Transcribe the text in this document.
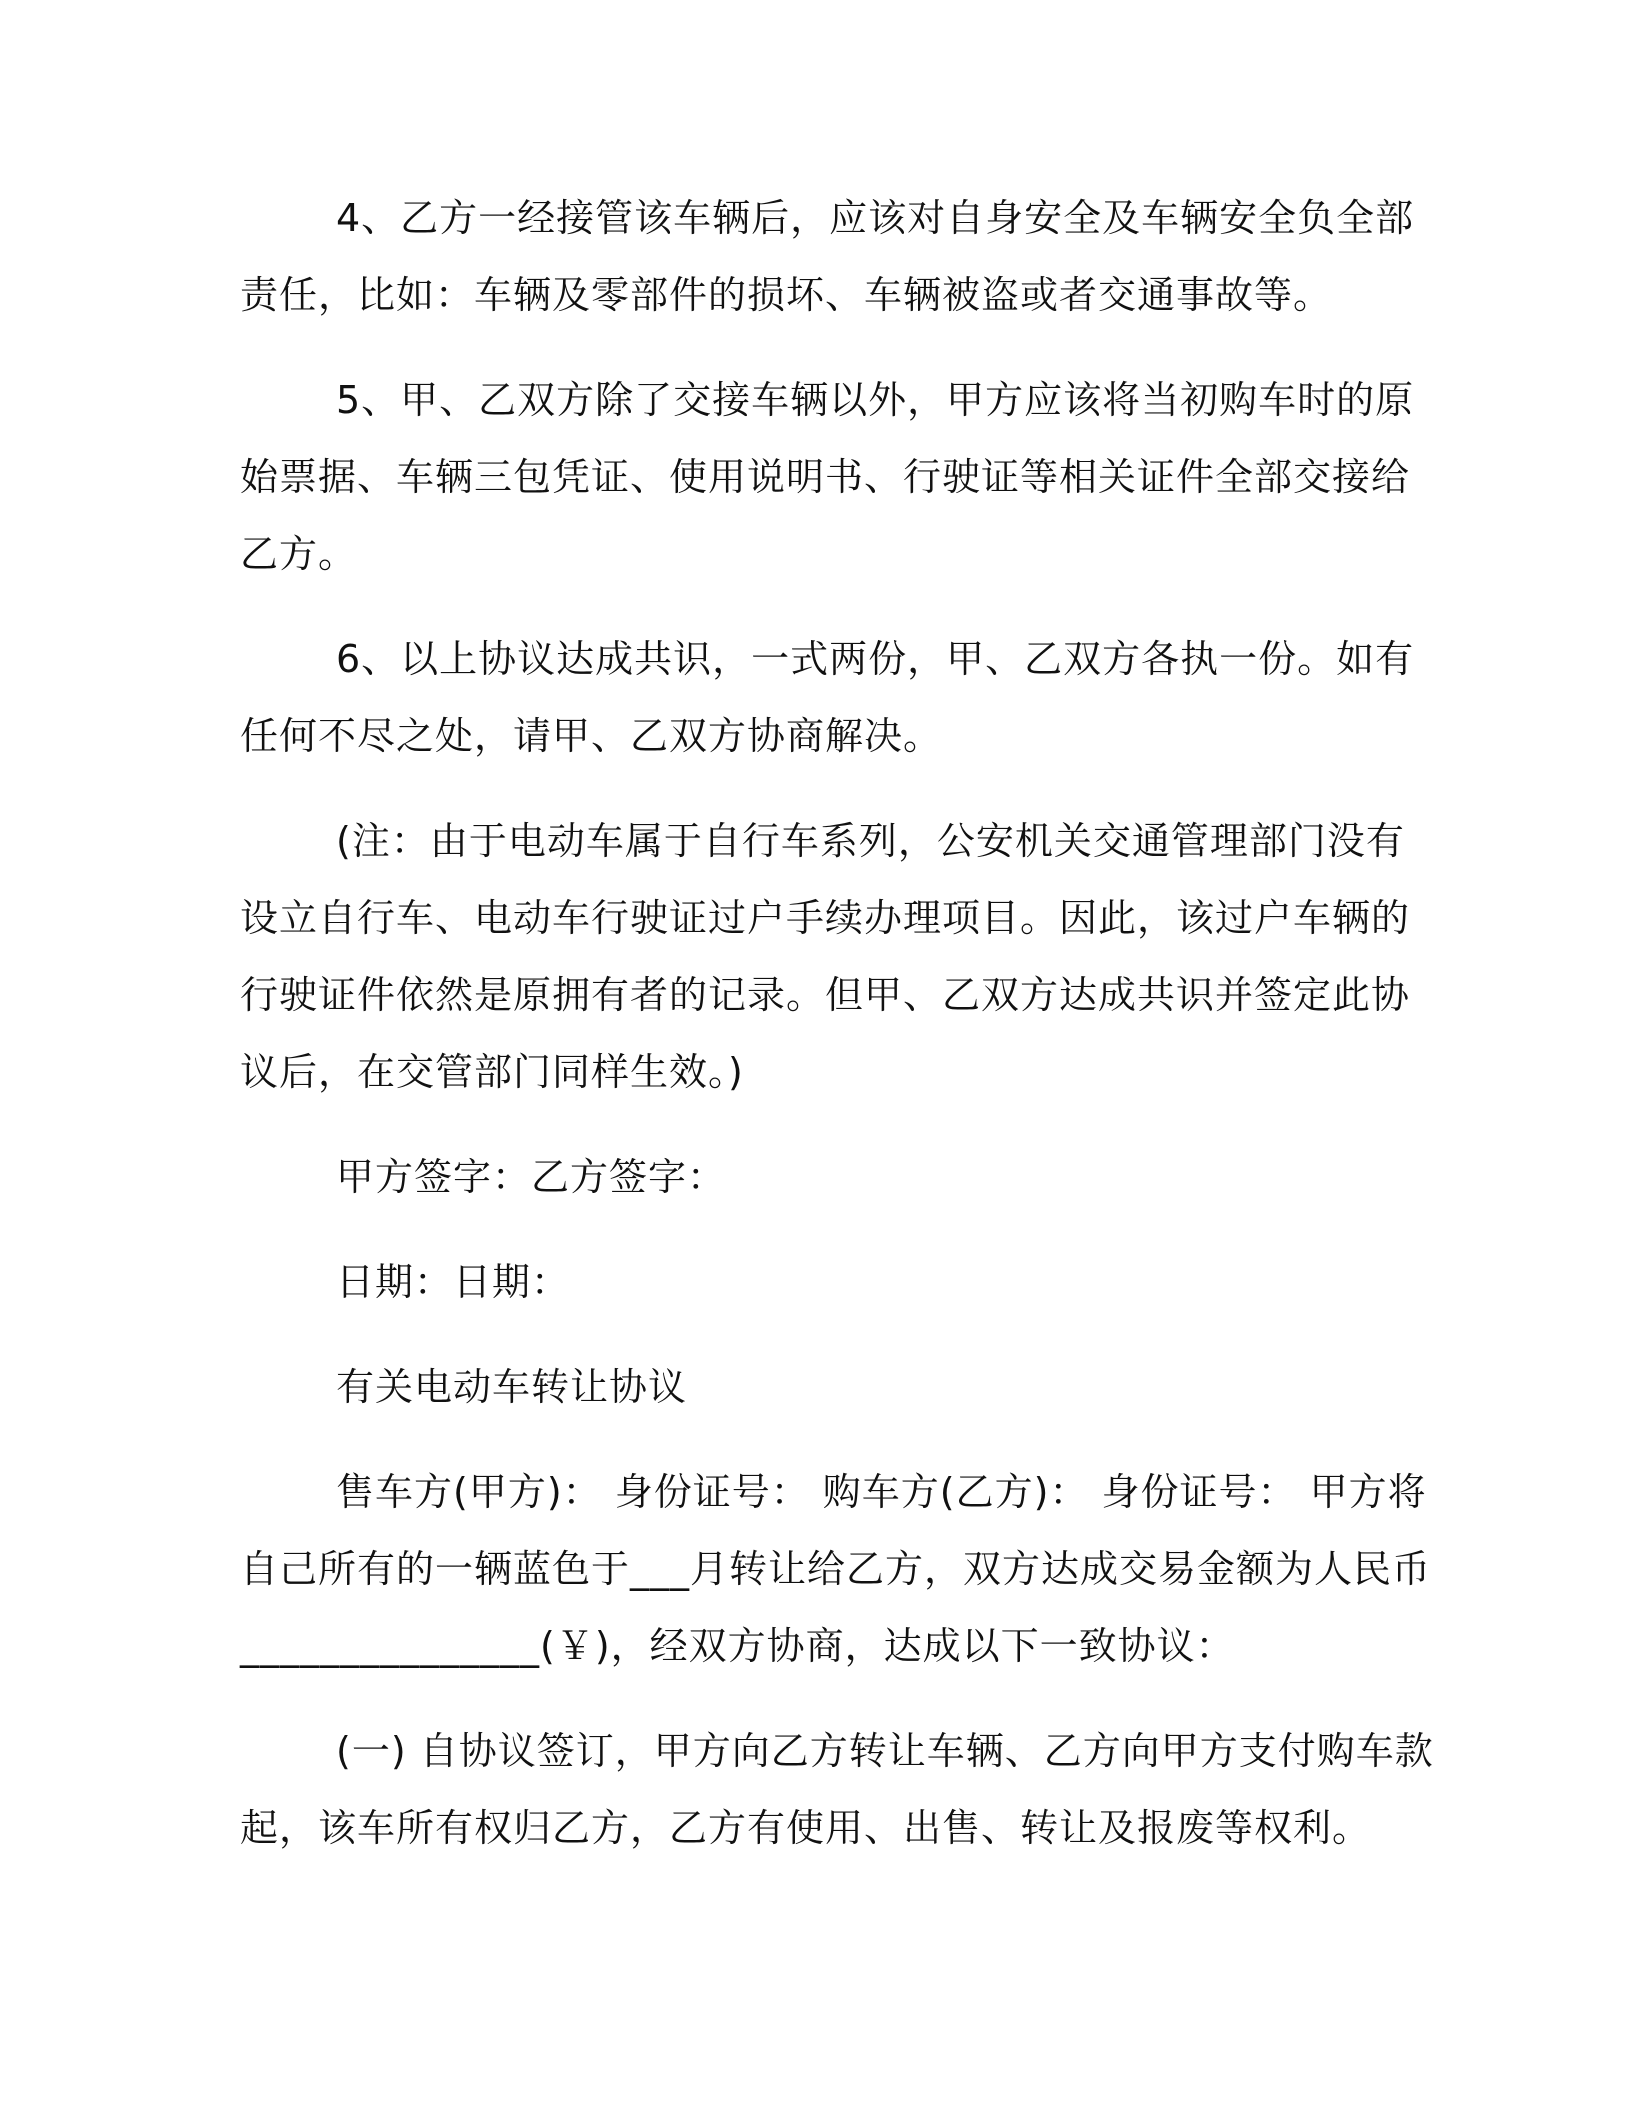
4、乙方一经接管该车辆后，应该对自身安全及车辆安全负全部
责任，比如：车辆及零部件的损坏、车辆被盗或者交通事故等。
5、甲、乙双方除了交接车辆以外，甲方应该将当初购车时的原
始票据、车辆三包凭证、使用说明书、行驶证等相关证件全部交接给
乙方。
6、以上协议达成共识，一式两份，甲、乙双方各执一份。如有
任何不尽之处，请甲、乙双方协商解决。
(注：由于电动车属于自行车系列，公安机关交通管理部门没有
设立自行车、电动车行驶证过户手续办理项目。因此，该过户车辆的
行驶证件依然是原拥有者的记录。但甲、乙双方达成共识并签定此协
议后，在交管部门同样生效。)
甲方签字：乙方签字：
日期：日期：
有关电动车转让协议
售车方(甲方)： 身份证号： 购车方(乙方)： 身份证号： 甲方将
自己所有的一辆蓝色于___月转让给乙方，双方达成交易金额为人民币
_______________(￥)，经双方协商，达成以下一致协议：
(一) 自协议签订，甲方向乙方转让车辆、乙方向甲方支付购车款
起，该车所有权归乙方，乙方有使用、出售、转让及报废等权利。
